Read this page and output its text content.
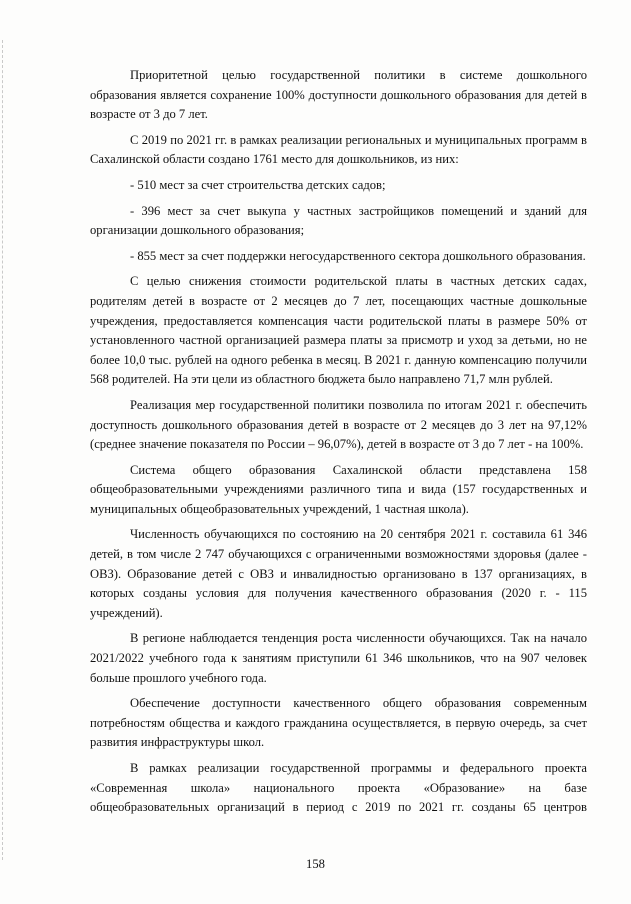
Приоритетной целью государственной политики в системе дошкольного образования является сохранение 100% доступности дошкольного образования для детей в возрасте от 3 до 7 лет.

С 2019 по 2021 гг. в рамках реализации региональных и муниципальных программ в Сахалинской области создано 1761 место для дошкольников, из них:

- 510 мест за счет строительства детских садов;

- 396 мест за счет выкупа у частных застройщиков помещений и зданий для организации дошкольного образования;

- 855 мест за счет поддержки негосударственного сектора дошкольного образования.

С целью снижения стоимости родительской платы в частных детских садах, родителям детей в возрасте от 2 месяцев до 7 лет, посещающих частные дошкольные учреждения, предоставляется компенсация части родительской платы в размере 50% от установленного частной организацией размера платы за присмотр и уход за детьми, но не более 10,0 тыс. рублей на одного ребенка в месяц. В 2021 г. данную компенсацию получили 568 родителей. На эти цели из областного бюджета было направлено 71,7 млн рублей.

Реализация мер государственной политики позволила по итогам 2021 г. обеспечить доступность дошкольного образования детей в возрасте от 2 месяцев до 3 лет на 97,12% (среднее значение показателя по России – 96,07%), детей в возрасте от 3 до 7 лет - на 100%.

Система общего образования Сахалинской области представлена 158 общеобразовательными учреждениями различного типа и вида (157 государственных и муниципальных общеобразовательных учреждений, 1 частная школа).

Численность обучающихся по состоянию на 20 сентября 2021 г. составила 61 346 детей, в том числе 2 747 обучающихся с ограниченными возможностями здоровья (далее - ОВЗ). Образование детей с ОВЗ и инвалидностью организовано в 137 организациях, в которых созданы условия для получения качественного образования (2020 г. - 115 учреждений).

В регионе наблюдается тенденция роста численности обучающихся. Так на начало 2021/2022 учебного года к занятиям приступили 61 346 школьников, что на 907 человек больше прошлого учебного года.

Обеспечение доступности качественного общего образования современным потребностям общества и каждого гражданина осуществляется, в первую очередь, за счет развития инфраструктуры школ.

В рамках реализации государственной программы и федерального проекта «Современная школа» национального проекта «Образование» на базе общеобразовательных организаций в период с 2019 по 2021 гг. созданы 65 центров

158
